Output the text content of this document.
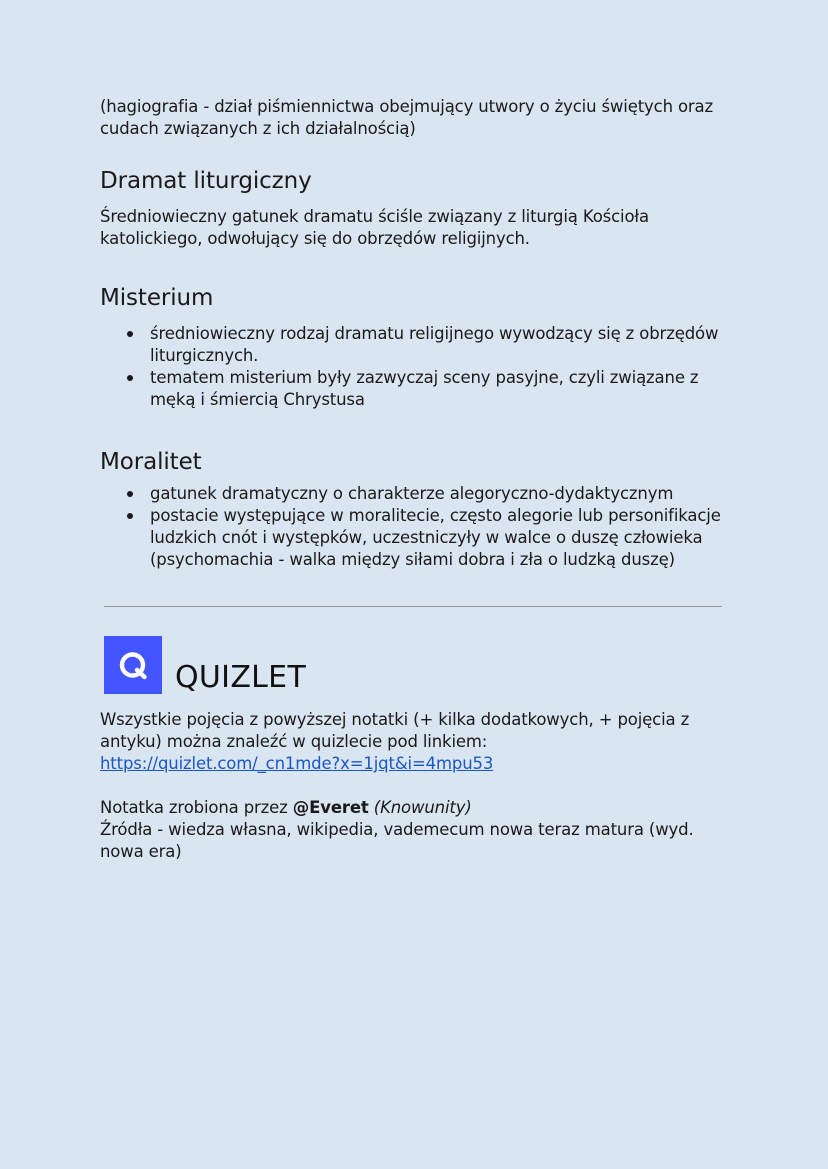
(hagiografia - dział piśmiennictwa obejmujący utwory o życiu świętych oraz cudach związanych z ich działalnością)

Dramat liturgiczny

Średniowieczny gatunek dramatu ściśle związany z liturgią Kościoła katolickiego, odwołujący się do obrzędów religijnych.

Misterium
średniowieczny rodzaj dramatu religijnego wywodzący się z obrzędów liturgicznych.
tematem misterium były zazwyczaj sceny pasyjne, czyli związane z męką i śmiercią Chrystusa
Moralitet
gatunek dramatyczny o charakterze alegoryczno-dydaktycznym
postacie występujące w moralitecie, często alegorie lub personifikacje ludzkich cnót i występków, uczestniczyły w walce o duszę człowieka (psychomachia - walka między siłami dobra i zła o ludzką duszę)
QUIZLET

Wszystkie pojęcia z powyższej notatki (+ kilka dodatkowych, + pojęcia z antyku) można znaleźć w quizlecie pod linkiem:
https://quizlet.com/_cn1mde?x=1jqt&i=4mpu53

Notatka zrobiona przez @Everet (Knowunity)
Źródła - wiedza własna, wikipedia, vademecum nowa teraz matura (wyd. nowa era)
